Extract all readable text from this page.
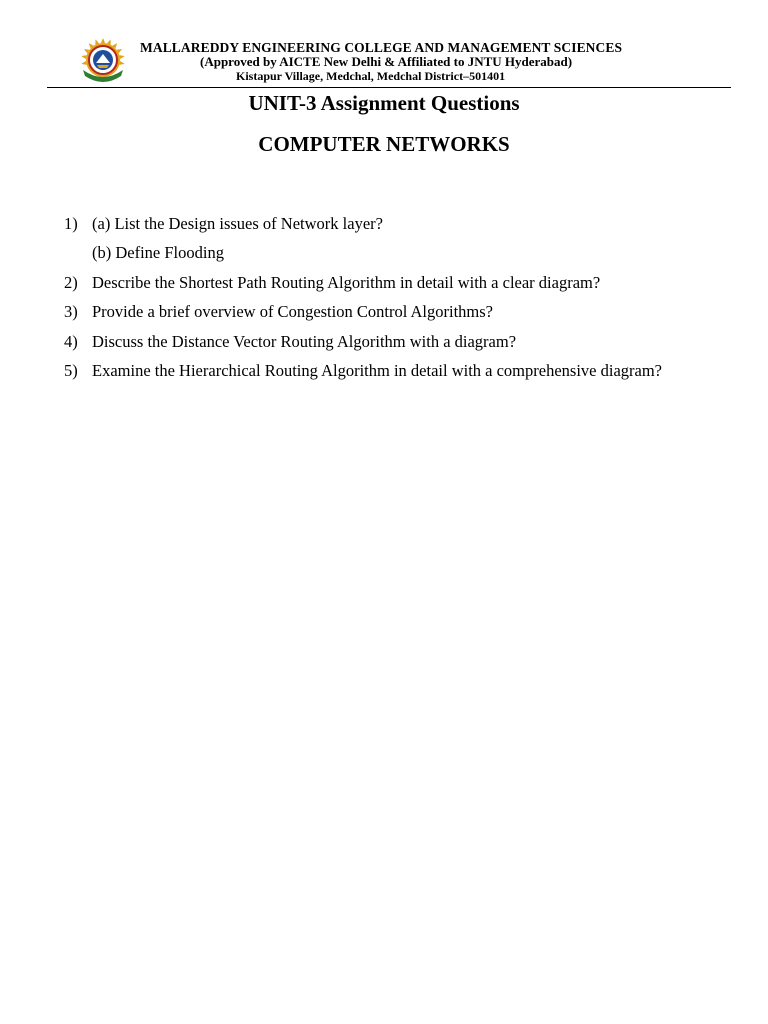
MALLAREDDY ENGINEERING COLLEGE AND MANAGEMENT SCIENCES
(Approved by AICTE New Delhi & Affiliated to JNTU Hyderabad)
Kistapur Village, Medchal, Medchal District–501401
UNIT-3 Assignment Questions
COMPUTER NETWORKS
1) (a) List the Design issues of Network layer?
(b) Define Flooding
2) Describe the Shortest Path Routing Algorithm in detail with a clear diagram?
3) Provide a brief overview of Congestion Control Algorithms?
4) Discuss the Distance Vector Routing Algorithm with a diagram?
5) Examine the Hierarchical Routing Algorithm in detail with a comprehensive diagram?
